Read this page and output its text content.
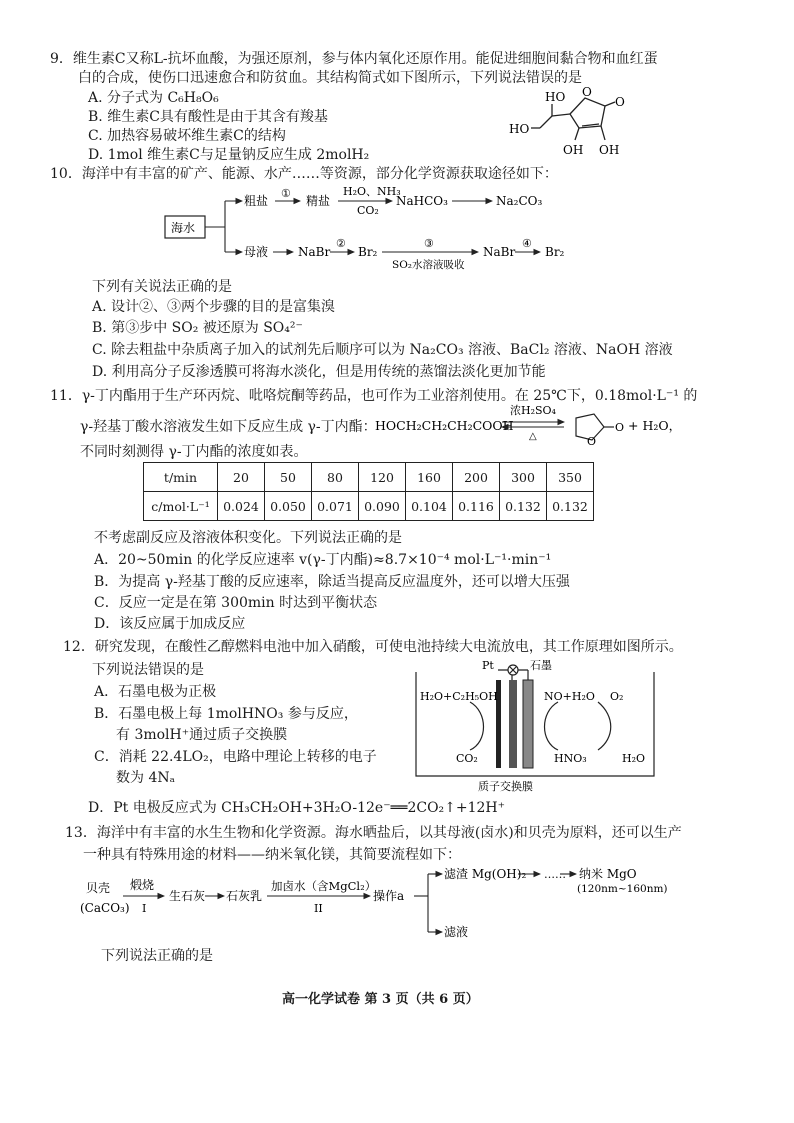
9．维生素C又称L-抗坏血酸，为强还原剂，参与体内氧化还原作用。能促进细胞间黏合物和血红蛋
白的合成，使伤口迅速愈合和防贫血。其结构简式如下图所示，下列说法错误的是
A. 分子式为 C₆H₈O₆
B. 维生素C具有酸性是由于其含有羧基
C. 加热容易破坏维生素C的结构
D. 1mol 维生素C与足量钠反应生成 2molH₂
HO
HO
O
O
OH OH
10．海洋中有丰富的矿产、能源、水产……等资源，部分化学资源获取途径如下：
海水
粗盐
①
精盐
H₂O、NH₃
CO₂
NaHCO₃	Na₂CO₃
母液 NaBr
②
Br₂
③
SO₂水溶液吸收
NaBr
④
Br₂
下列有关说法正确的是
A. 设计②、③两个步骤的目的是富集溴
B. 第③步中 SO₂ 被还原为 SO₄²⁻
C. 除去粗盐中杂质离子加入的试剂先后顺序可以为 Na₂CO₃ 溶液、BaCl₂ 溶液、NaOH 溶液
D. 利用高分子反渗透膜可将海水淡化，但是用传统的蒸馏法淡化更加节能
11．γ-丁内酯用于生产环丙烷、吡咯烷酮等药品，也可作为工业溶剂使用。在 25℃下，0.18mol·L⁻¹ 的
γ-羟基丁酸水溶液发生如下反应生成 γ-丁内酯：
HOCH₂CH₂CH₂COOH
浓H₂SO₄
△	O
O + H₂O，
不同时刻测得 γ-丁内酯的浓度如表。
t/min	20	50	80	120	160	200	300	350
c/mol·L⁻¹	0.024	0.050	0.071	0.090	0.104	0.116	0.132	0.132
不考虑副反应及溶液体积变化。下列说法正确的是
A．20~50min 的化学反应速率 v(γ-丁内酯)≈8.7×10⁻⁴ mol·L⁻¹·min⁻¹
B．为提高 γ-羟基丁酸的反应速率，除适当提高反应温度外，还可以增大压强
C．反应一定是在第 300min 时达到平衡状态
D．该反应属于加成反应
12．研究发现，在酸性乙醇燃料电池中加入硝酸，可使电池持续大电流放电，其工作原理如图所示。
下列说法错误的是
A．石墨电极为正极
B．石墨电极上每 1molHNO₃ 参与反应，
有 3molH⁺通过质子交换膜
C．消耗 22.4LO₂，电路中理论上转移的电子
数为 4Nₐ
D．Pt 电极反应式为 CH₃CH₂OH+3H₂O-12e⁻══2CO₂↑+12H⁺
Pt	石墨
H₂O+C₂H₅OH
CO₂
NO+H₂O
HNO₃
O₂
H₂O
质子交换膜
13．海洋中有丰富的水生生物和化学资源。海水晒盐后，以其母液(卤水)和贝壳为原料，还可以生产
一种具有特殊用途的材料——纳米氧化镁，其简要流程如下：
贝壳
(CaCO₃)
煅烧
I
生石灰 石灰乳
加卤水（含MgCl₂）
II
操作a
滤渣 Mg(OH)₂ …… 纳米 MgO
(120nm~160nm)
滤液
下列说法正确的是
高一化学试卷 第 3 页（共 6 页）
